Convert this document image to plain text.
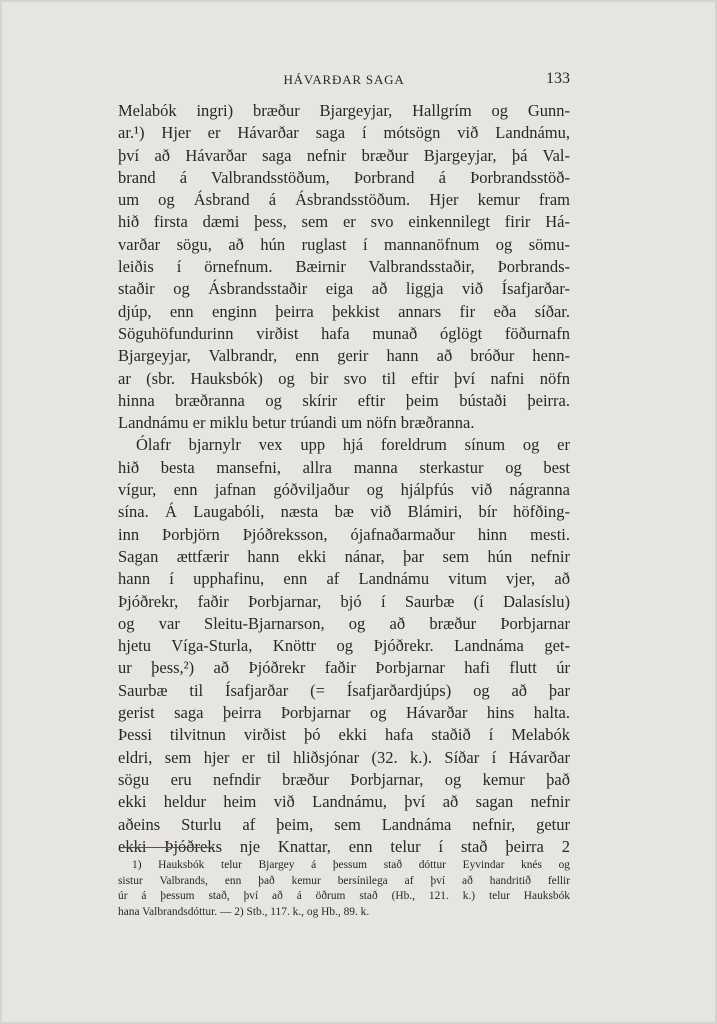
HÁVARÐAR SAGA	133
Melabók ingri) bræður Bjargeyjar, Hallgrím og Gunn-
ar.¹) Hjer er Hávarðar saga í mótsögn við Landnámu,
því að Hávarðar saga nefnir bræður Bjargeyjar, þá Val-
brand á Valbrandsstöðum, Þorbrand á Þorbrandsstöð-
um og Ásbrand á Ásbrandsstöðum. Hjer kemur fram
hið firsta dæmi þess, sem er svo einkennilegt firir Há-
varðar sögu, að hún ruglast í mannanöfnum og sömu-
leiðis í örnefnum. Bæirnir Valbrandsstaðir, Þorbrands-
staðir og Ásbrandsstaðir eiga að liggja við Ísafjarðar-
djúp, enn enginn þeirra þekkist annars fir eða síðar.
Söguhöfundurinn virðist hafa munað óglögt föðurnafn
Bjargeyjar, Valbrandr, enn gerir hann að bróður henn-
ar (sbr. Hauksbók) og bir svo til eftir því nafni nöfn
hinna bræðranna og skírir eftir þeim bústaði þeirra.
Landnámu er miklu betur trúandi um nöfn bræðranna.
Ólafr bjarnylr vex upp hjá foreldrum sínum og er
hið besta mansefni, allra manna sterkastur og best
vígur, enn jafnan góðviljaður og hjálpfús við nágranna
sína. Á Laugabóli, næsta bæ við Blámiri, bír höfðing-
inn Þorbjörn Þjóðreksson, ójafnaðarmaður hinn mesti.
Sagan ættfærir hann ekki nánar, þar sem hún nefnir
hann í upphafinu, enn af Landnámu vitum vjer, að
Þjóðrekr, faðir Þorbjarnar, bjó í Saurbæ (í Dalasíslu)
og var Sleitu-Bjarnarson, og að bræður Þorbjarnar
hjetu Víga-Sturla, Knöttr og Þjóðrekr. Landnáma get-
ur þess,²) að Þjóðrekr faðir Þorbjarnar hafi flutt úr
Saurbæ til Ísafjarðar (= Ísafjarðardjúps) og að þar
gerist saga þeirra Þorbjarnar og Hávarðar hins halta.
Þessi tilvitnun virðist þó ekki hafa staðið í Melabók
eldri, sem hjer er til hliðsjónar (32. k.). Síðar í Hávarðar
sögu eru nefndir bræður Þorbjarnar, og kemur það
ekki heldur heim við Landnámu, því að sagan nefnir
aðeins Sturlu af þeim, sem Landnáma nefnir, getur
ekki Þjóðreks nje Knattar, enn telur í stað þeirra 2
1) Hauksbók telur Bjargey á þessum stað dóttur Eyvindar knés og
sistur Valbrands, enn það kemur bersínilega af því að handritið fellir
úr á þessum stað, því að á öðrum stað (Hb., 121. k.) telur Hauksbók
hana Valbrandsdóttur. — 2) Stb., 117. k., og Hb., 89. k.
